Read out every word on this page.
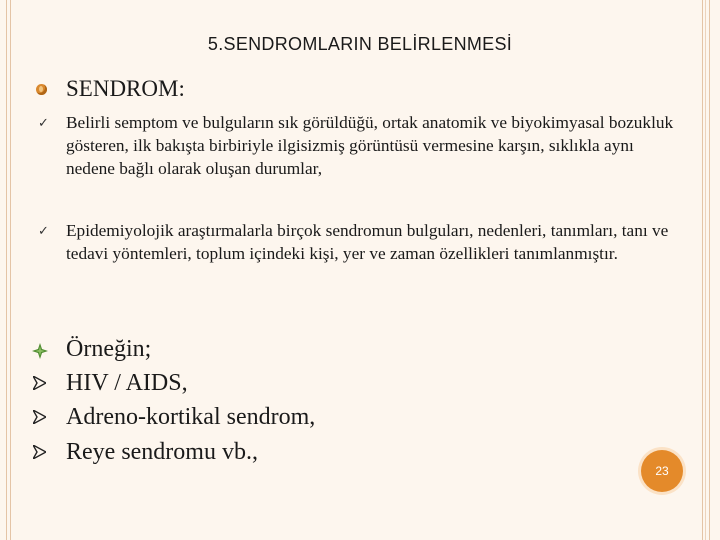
5.SENDROMLARIN BELİRLENMESİ
SENDROM:
✓ Belirli semptom ve bulguların sık görüldüğü, ortak anatomik ve biyokimyasal bozukluk gösteren, ilk bakışta birbiriyle ilgisizmiş görüntüsü vermesine karşın, sıklıkla aynı nedene bağlı olarak oluşan durumlar,
✓ Epidemiyolojik araştırmalarla birçok sendromun bulguları, nedenleri, tanımları, tanı ve tedavi yöntemleri, toplum içindeki kişi, yer ve zaman özellikleri tanımlanmıştır.
Örneğin;
HIV / AIDS,
Adreno-kortikal sendrom,
Reye sendromu vb.,
23
